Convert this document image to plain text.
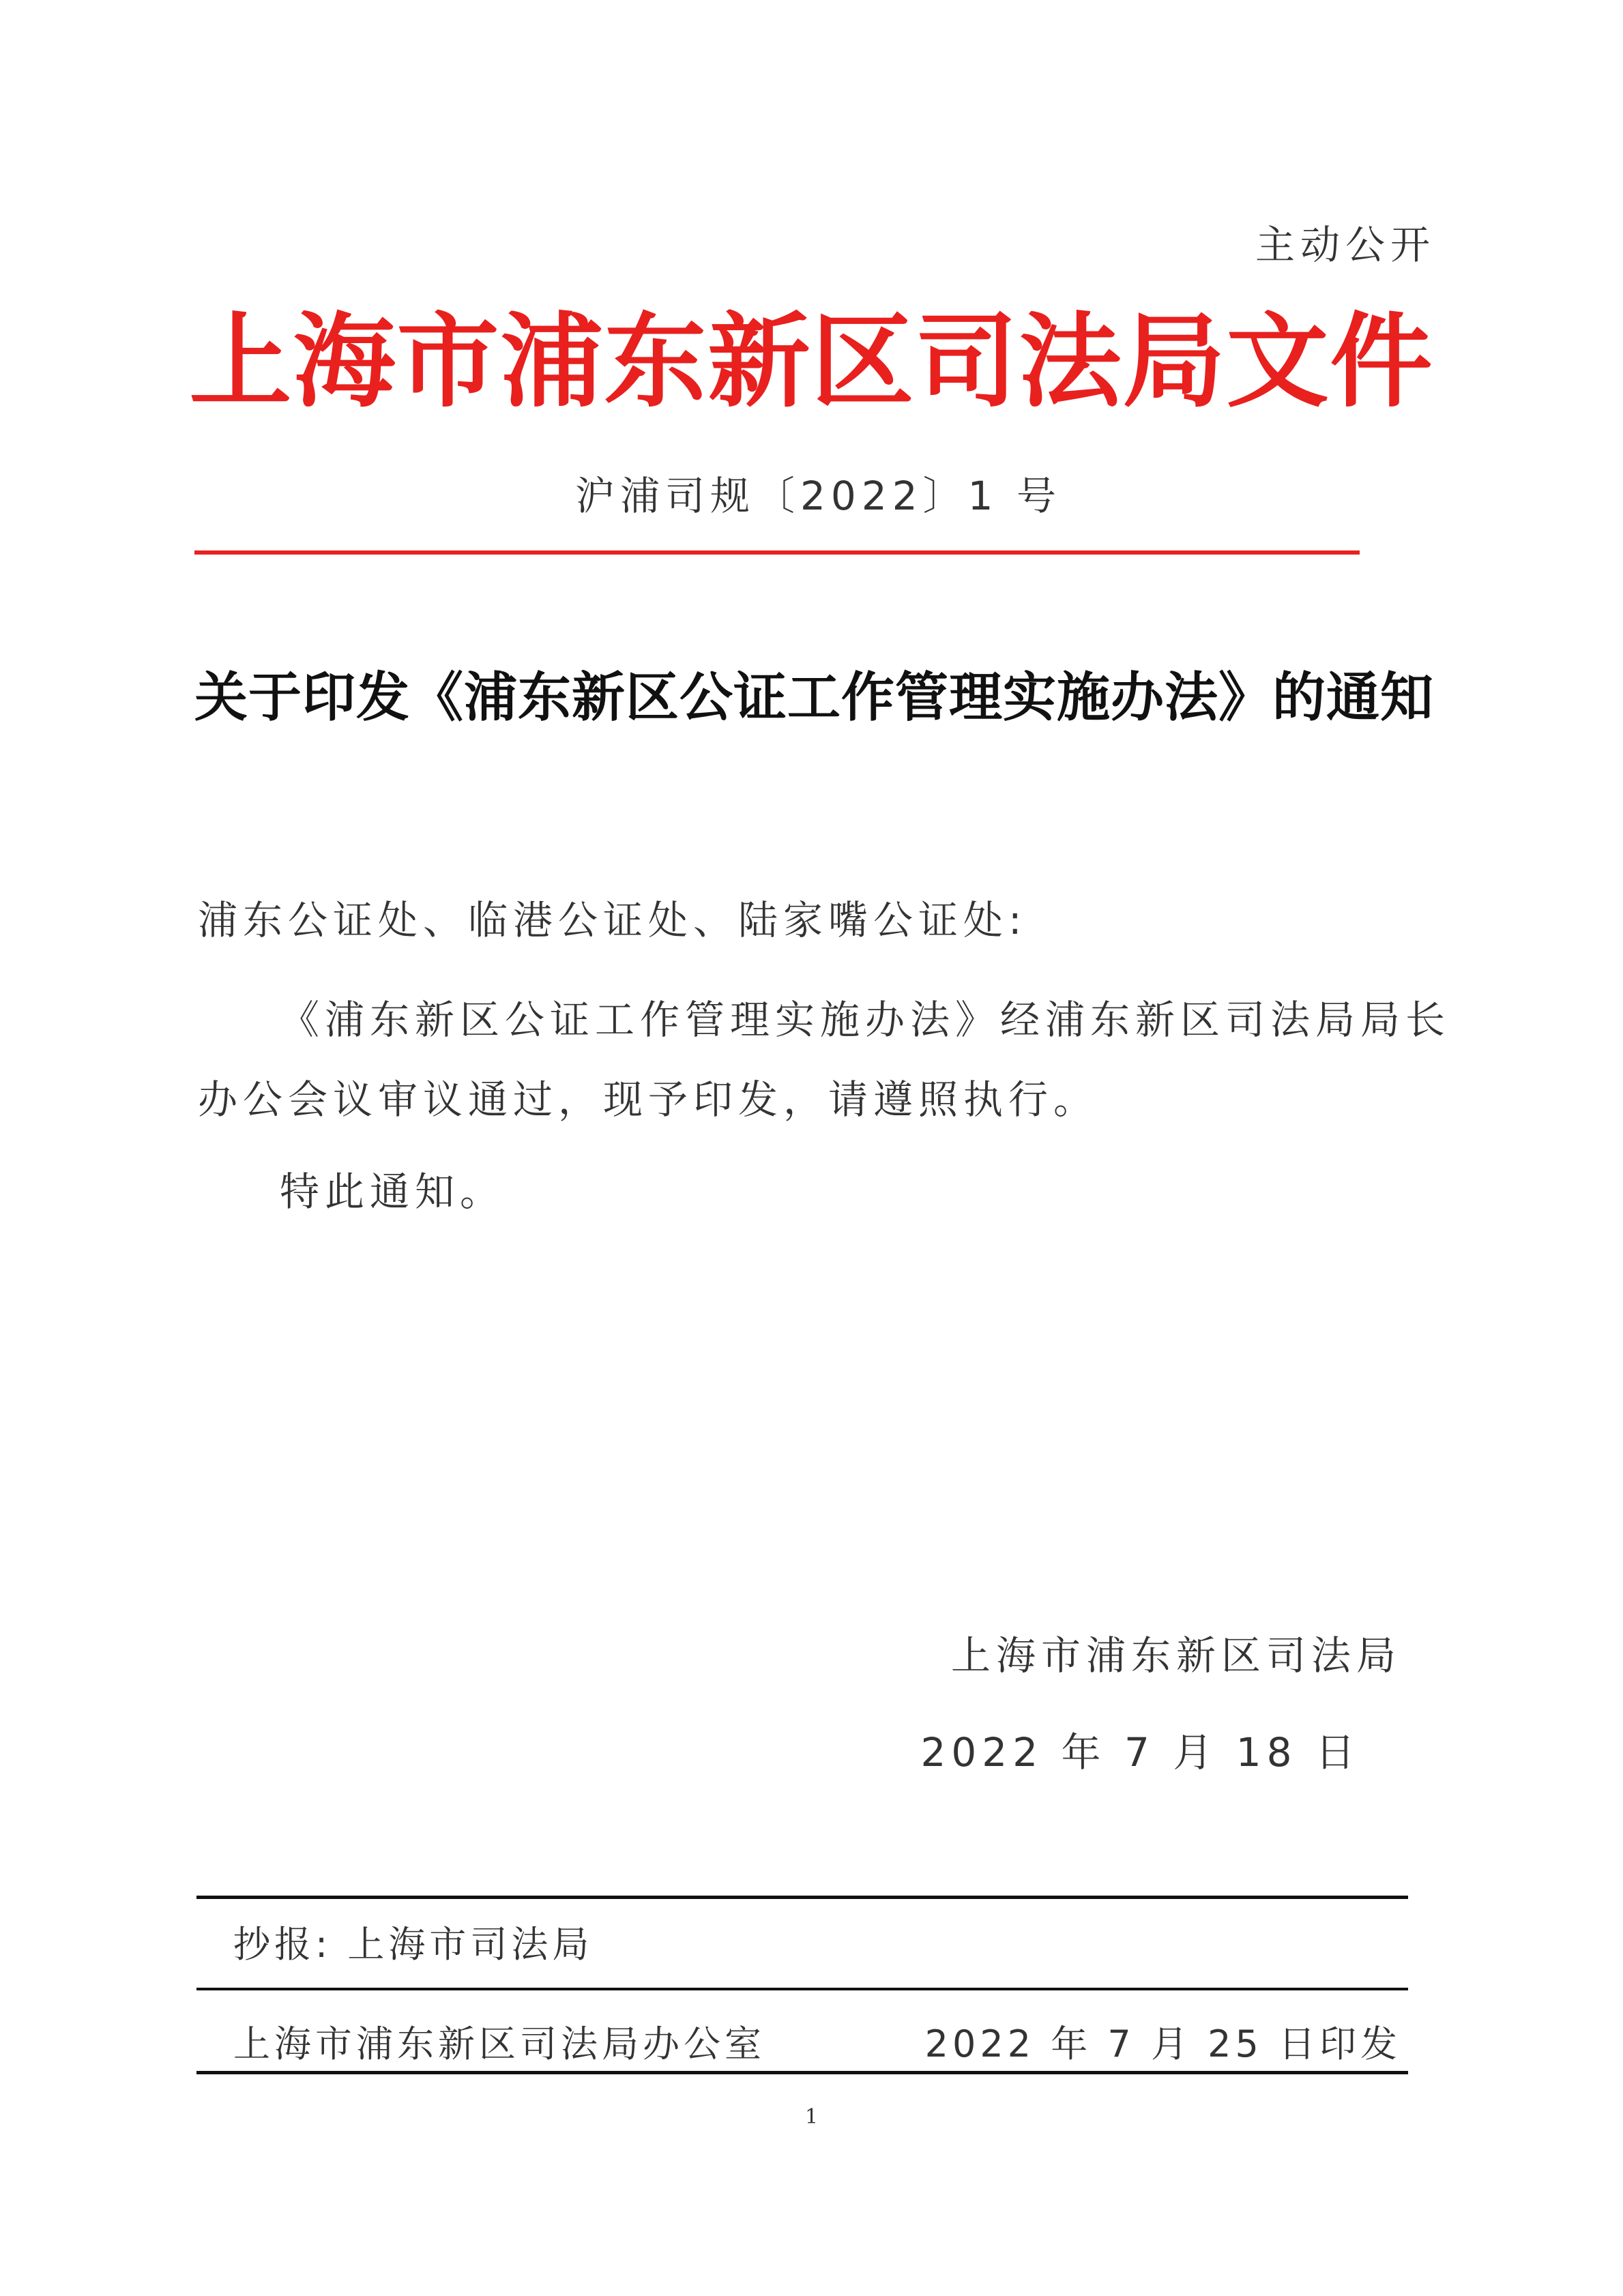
主动公开
上海市浦东新区司法局文件
沪浦司规〔2022〕1 号
关于印发《浦东新区公证工作管理实施办法》的通知
浦东公证处、临港公证处、陆家嘴公证处:
《浦东新区公证工作管理实施办法》经浦东新区司法局局长
办公会议审议通过，现予印发，请遵照执行。
特此通知。
上海市浦东新区司法局
2022 年 7 月 18 日
抄报: 上海市司法局
上海市浦东新区司法局办公室	2022 年 7 月 25 日印发
1
